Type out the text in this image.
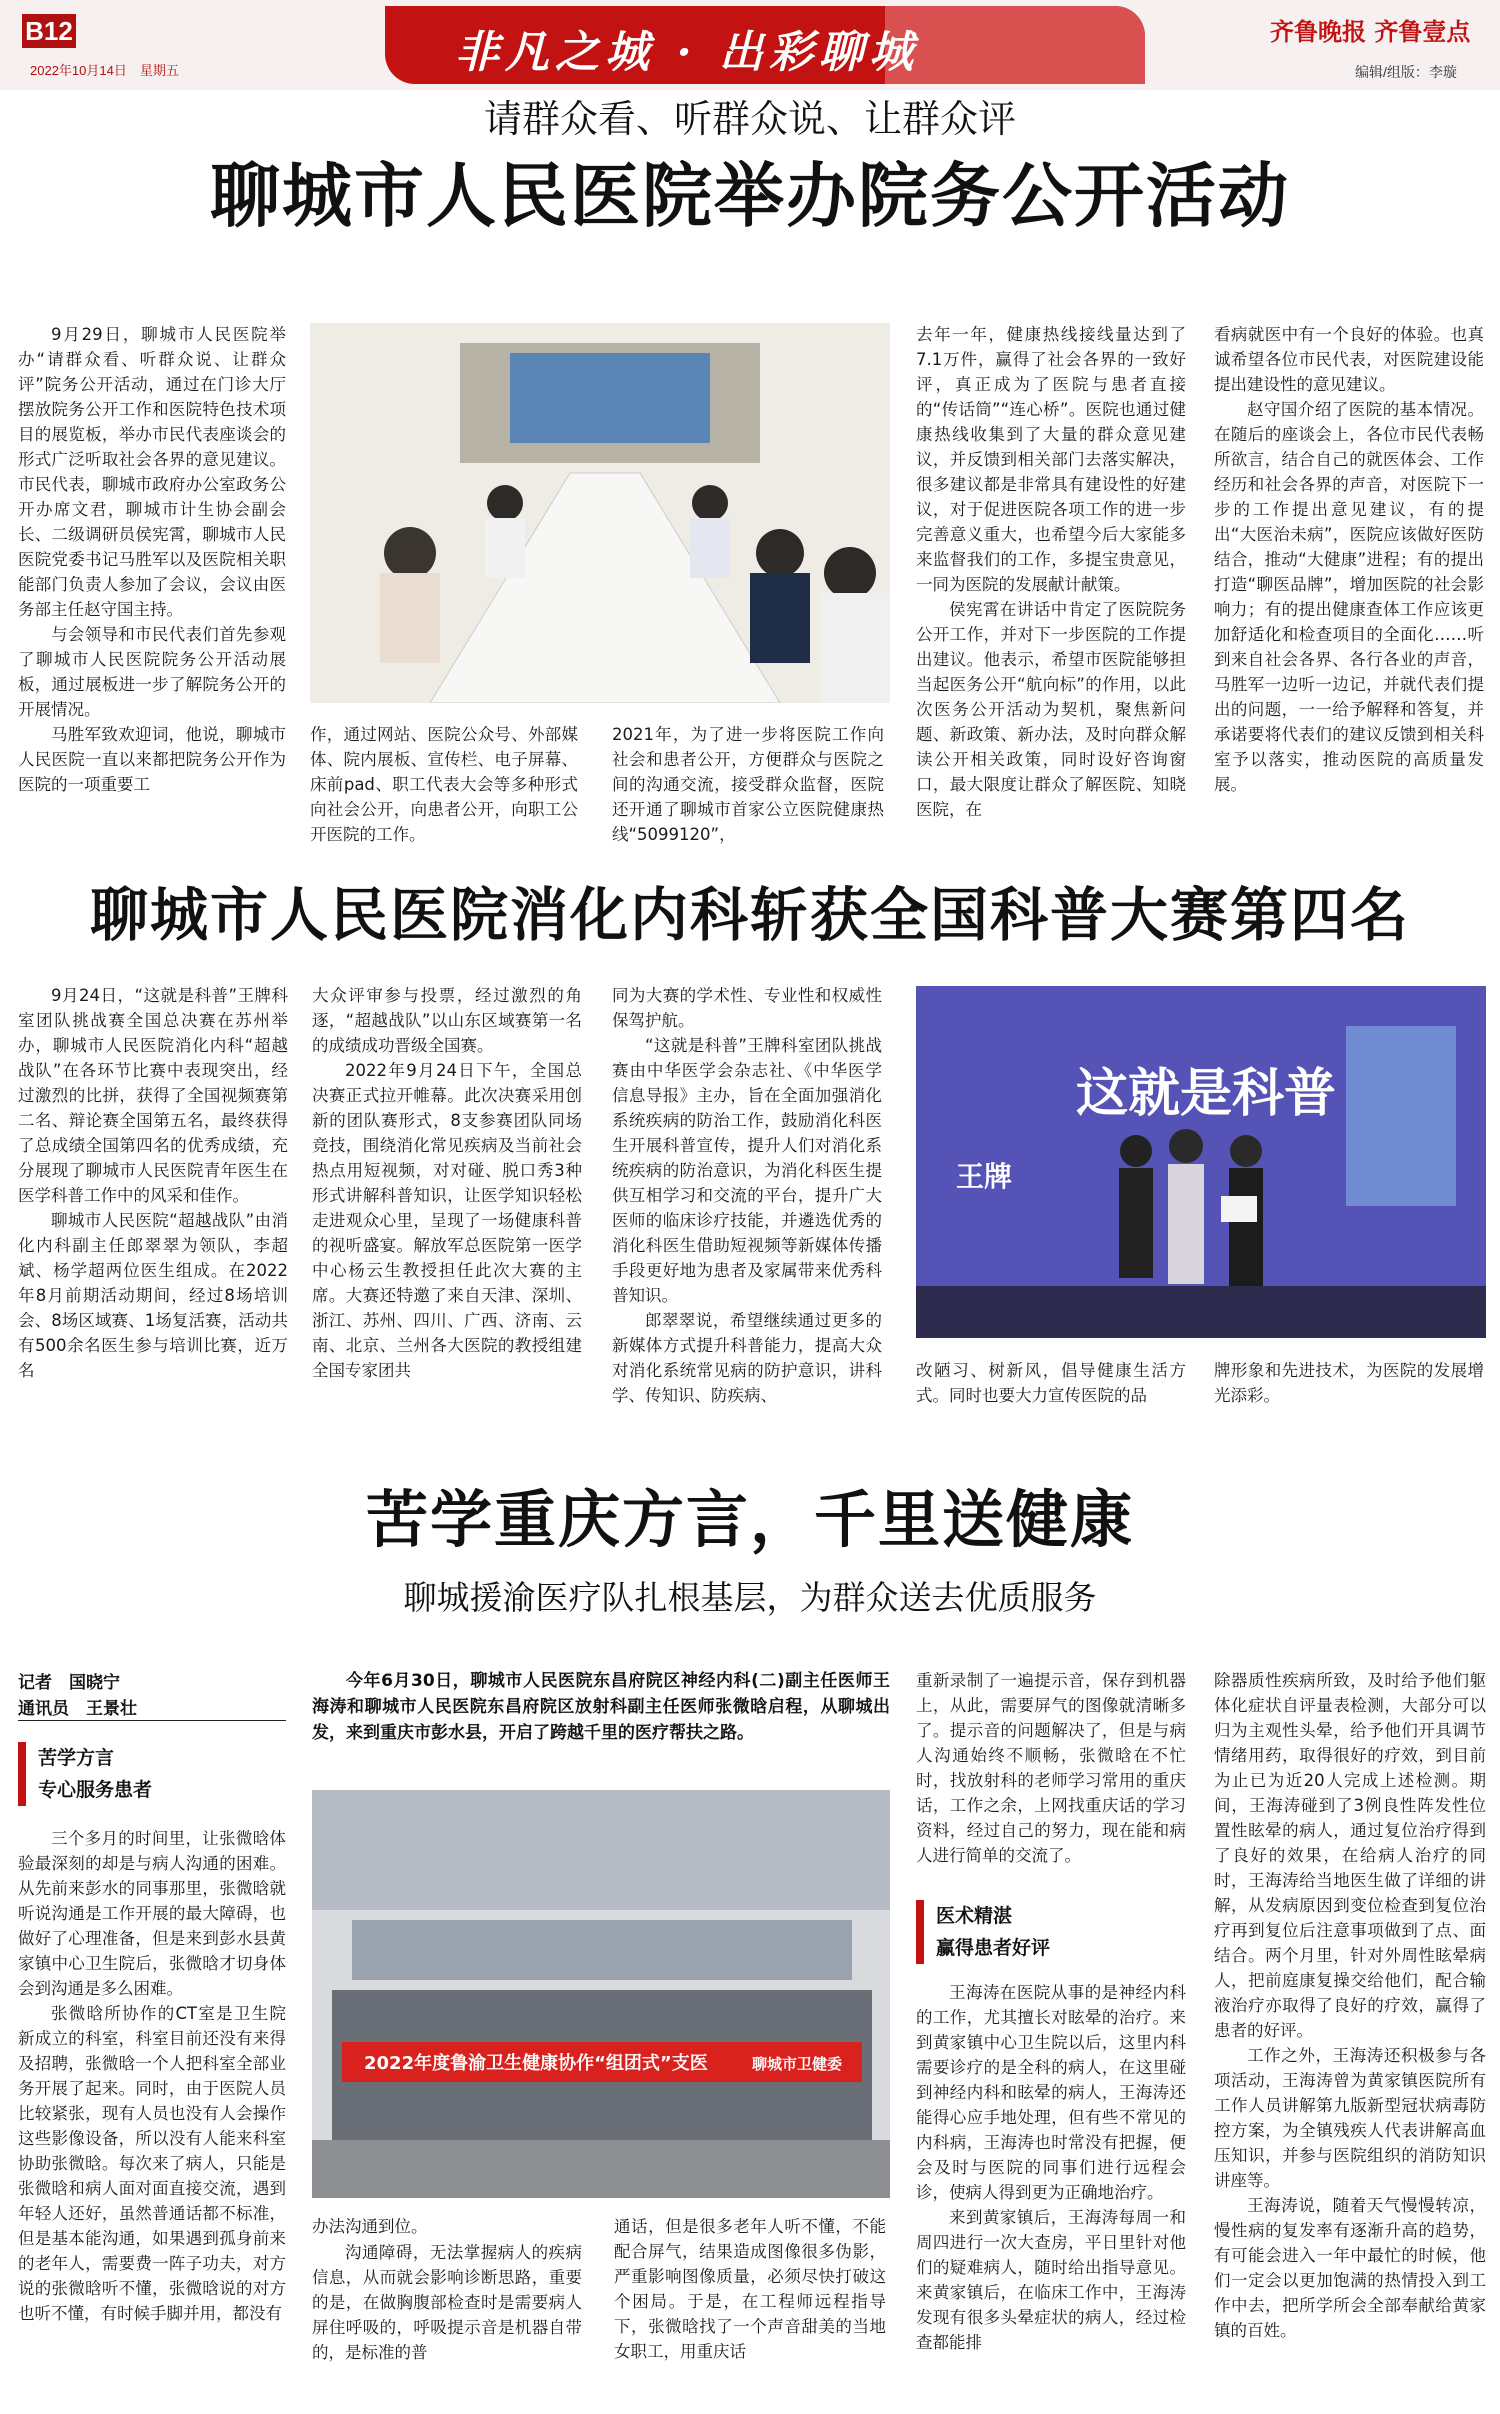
B12
2022年10月14日　星期五	非凡之城 · 出彩聊城	齐鲁晚报 齐鲁壹点
编辑/组版：李璇
请群众看、听群众说、让群众评
聊城市人民医院举办院务公开活动

9月29日，聊城市人民医院举办“请群众看、听群众说、让群众评”院务公开活动，通过在门诊大厅摆放院务公开工作和医院特色技术项目的展览板，举办市民代表座谈会的形式广泛听取社会各界的意见建议。市民代表，聊城市政府办公室政务公开办席文君，聊城市计生协会副会长、二级调研员侯宪霄，聊城市人民医院党委书记马胜军以及医院相关职能部门负责人参加了会议，会议由医务部主任赵守国主持。

与会领导和市民代表们首先参观了聊城市人民医院院务公开活动展板，通过展板进一步了解院务公开的开展情况。

马胜军致欢迎词，他说，聊城市人民医院一直以来都把院务公开作为医院的一项重要工

作，通过网站、医院公众号、外部媒体、院内展板、宣传栏、电子屏幕、床前pad、职工代表大会等多种形式向社会公开，向患者公开，向职工公开医院的工作。

2021年，为了进一步将医院工作向社会和患者公开，方便群众与医院之间的沟通交流，接受群众监督，医院还开通了聊城市首家公立医院健康热线“5099120”，

去年一年，健康热线接线量达到了7.1万件，赢得了社会各界的一致好评，真正成为了医院与患者直接的“传话筒”“连心桥”。医院也通过健康热线收集到了大量的群众意见建议，并反馈到相关部门去落实解决，很多建议都是非常具有建设性的好建议，对于促进医院各项工作的进一步完善意义重大，也希望今后大家能多来监督我们的工作，多提宝贵意见，一同为医院的发展献计献策。

侯宪霄在讲话中肯定了医院院务公开工作，并对下一步医院的工作提出建议。他表示，希望市医院能够担当起医务公开“航向标”的作用，以此次医务公开活动为契机，聚焦新问题、新政策、新办法，及时向群众解读公开相关政策，同时设好咨询窗口，最大限度让群众了解医院、知晓医院，在

看病就医中有一个良好的体验。也真诚希望各位市民代表，对医院建设能提出建设性的意见建议。

赵守国介绍了医院的基本情况。在随后的座谈会上，各位市民代表畅所欲言，结合自己的就医体会、工作经历和社会各界的声音，对医院下一步的工作提出意见建议，有的提出“大医治未病”，医院应该做好医防结合，推动“大健康”进程；有的提出打造“聊医品牌”，增加医院的社会影响力；有的提出健康查体工作应该更加舒适化和检查项目的全面化……听到来自社会各界、各行各业的声音，马胜军一边听一边记，并就代表们提出的问题，一一给予解释和答复，并承诺要将代表们的建议反馈到相关科室予以落实，推动医院的高质量发展。

聊城市人民医院消化内科斩获全国科普大赛第四名

9月24日，“这就是科普”王牌科室团队挑战赛全国总决赛在苏州举办，聊城市人民医院消化内科“超越战队”在各环节比赛中表现突出，经过激烈的比拼，获得了全国视频赛第二名、辩论赛全国第五名，最终获得了总成绩全国第四名的优秀成绩，充分展现了聊城市人民医院青年医生在医学科普工作中的风采和佳作。

聊城市人民医院“超越战队”由消化内科副主任郎翠翠为领队，李超斌、杨学超两位医生组成。在2022年8月前期活动期间，经过8场培训会、8场区域赛、1场复活赛，活动共有500余名医生参与培训比赛，近万名

大众评审参与投票，经过激烈的角逐，“超越战队”以山东区域赛第一名的成绩成功晋级全国赛。

2022年9月24日下午，全国总决赛正式拉开帷幕。此次决赛采用创新的团队赛形式，8支参赛团队同场竞技，围绕消化常见疾病及当前社会热点用短视频，对对碰、脱口秀3种形式讲解科普知识，让医学知识轻松走进观众心里，呈现了一场健康科普的视听盛宴。解放军总医院第一医学中心杨云生教授担任此次大赛的主席。大赛还特邀了来自天津、深圳、浙江、苏州、四川、广西、济南、云南、北京、兰州各大医院的教授组建全国专家团共

同为大赛的学术性、专业性和权威性保驾护航。

“这就是科普”王牌科室团队挑战赛由中华医学会杂志社、《中华医学信息导报》主办，旨在全面加强消化系统疾病的防治工作，鼓励消化科医生开展科普宣传，提升人们对消化系统疾病的防治意识，为消化科医生提供互相学习和交流的平台，提升广大医师的临床诊疗技能，并遴选优秀的消化科医生借助短视频等新媒体传播手段更好地为患者及家属带来优秀科普知识。

郎翠翠说，希望继续通过更多的新媒体方式提升科普能力，提高大众对消化系统常见病的防护意识，讲科学、传知识、防疾病、

这就是科普
王牌

改陋习、树新风，倡导健康生活方式。同时也要大力宣传医院的品

牌形象和先进技术，为医院的发展增光添彩。

苦学重庆方言，千里送健康
聊城援渝医疗队扎根基层，为群众送去优质服务
记者　国晓宁
通讯员　王景壮
苦学方言
专心服务患者

三个多月的时间里，让张微晗体验最深刻的却是与病人沟通的困难。从先前来彭水的同事那里，张微晗就听说沟通是工作开展的最大障碍，也做好了心理准备，但是来到彭水县黄家镇中心卫生院后，张微晗才切身体会到沟通是多么困难。

张微晗所协作的CT室是卫生院新成立的科室，科室目前还没有来得及招聘，张微晗一个人把科室全部业务开展了起来。同时，由于医院人员比较紧张，现有人员也没有人会操作这些影像设备，所以没有人能来科室协助张微晗。每次来了病人，只能是张微晗和病人面对面直接交流，遇到年轻人还好，虽然普通话都不标准，但是基本能沟通，如果遇到孤身前来的老年人，需要费一阵子功夫，对方说的张微晗听不懂，张微晗说的对方也听不懂，有时候手脚并用，都没有

今年6月30日，聊城市人民医院东昌府院区神经内科(二)副主任医师王海涛和聊城市人民医院东昌府院区放射科副主任医师张微晗启程，从聊城出发，来到重庆市彭水县，开启了跨越千里的医疗帮扶之路。
2022年度鲁渝卫生健康协作“组团式”支医	聊城市卫健委

办法沟通到位。

沟通障碍，无法掌握病人的疾病信息，从而就会影响诊断思路，重要的是，在做胸腹部检查时是需要病人屏住呼吸的，呼吸提示音是机器自带的，是标准的普

通话，但是很多老年人听不懂，不能配合屏气，结果造成图像很多伪影，严重影响图像质量，必须尽快打破这个困局。于是，在工程师远程指导下，张微晗找了一个声音甜美的当地女职工，用重庆话

重新录制了一遍提示音，保存到机器上，从此，需要屏气的图像就清晰多了。提示音的问题解决了，但是与病人沟通始终不顺畅，张微晗在不忙时，找放射科的老师学习常用的重庆话，工作之余，上网找重庆话的学习资料，经过自己的努力，现在能和病人进行简单的交流了。

医术精湛
赢得患者好评

王海涛在医院从事的是神经内科的工作，尤其擅长对眩晕的治疗。来到黄家镇中心卫生院以后，这里内科需要诊疗的是全科的病人，在这里碰到神经内科和眩晕的病人，王海涛还能得心应手地处理，但有些不常见的内科病，王海涛也时常没有把握，便会及时与医院的同事们进行远程会诊，使病人得到更为正确地治疗。

来到黄家镇后，王海涛每周一和周四进行一次大查房，平日里针对他们的疑难病人，随时给出指导意见。来黄家镇后，在临床工作中，王海涛发现有很多头晕症状的病人，经过检查都能排

除器质性疾病所致，及时给予他们躯体化症状自评量表检测，大部分可以归为主观性头晕，给予他们开具调节情绪用药，取得很好的疗效，到目前为止已为近20人完成上述检测。期间，王海涛碰到了3例良性阵发性位置性眩晕的病人，通过复位治疗得到了良好的效果，在给病人治疗的同时，王海涛给当地医生做了详细的讲解，从发病原因到变位检查到复位治疗再到复位后注意事项做到了点、面结合。两个月里，针对外周性眩晕病人，把前庭康复操交给他们，配合输液治疗亦取得了良好的疗效，赢得了患者的好评。

工作之外，王海涛还积极参与各项活动，王海涛曾为黄家镇医院所有工作人员讲解第九版新型冠状病毒防控方案，为全镇残疾人代表讲解高血压知识，并参与医院组织的消防知识讲座等。

王海涛说，随着天气慢慢转凉，慢性病的复发率有逐渐升高的趋势，有可能会进入一年中最忙的时候，他们一定会以更加饱满的热情投入到工作中去，把所学所会全部奉献给黄家镇的百姓。
